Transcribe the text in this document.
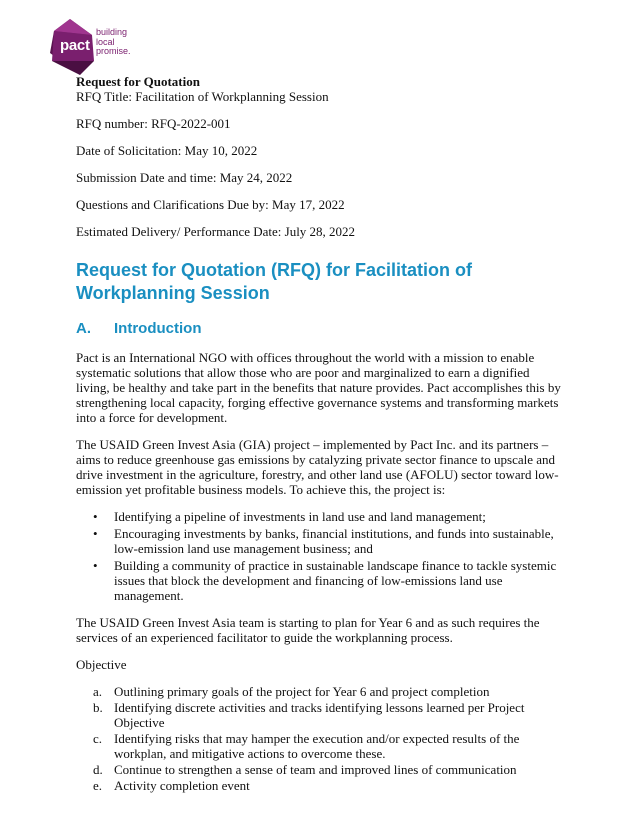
pact
building
local
promise.

Request for Quotation

RFQ Title: Facilitation of Workplanning Session

RFQ number: RFQ-2022-001

Date of Solicitation: May 10, 2022

Submission Date and time: May 24, 2022

Questions and Clarifications Due by: May 17, 2022

Estimated Delivery/ Performance Date: July 28, 2022

Request for Quotation (RFQ) for Facilitation of Workplanning Session
A. Introduction

Pact is an International NGO with offices throughout the world with a mission to enable systematic solutions that allow those who are poor and marginalized to earn a dignified living, be healthy and take part in the benefits that nature provides. Pact accomplishes this by strengthening local capacity, forging effective governance systems and transforming markets into a force for development.

The USAID Green Invest Asia (GIA) project – implemented by Pact Inc. and its partners – aims to reduce greenhouse gas emissions by catalyzing private sector finance to upscale and drive investment in the agriculture, forestry, and other land use (AFOLU) sector toward low-emission yet profitable business models. To achieve this, the project is:

• Identifying a pipeline of investments in land use and land management;
• Encouraging investments by banks, financial institutions, and funds into sustainable, low-emission land use management business; and
• Building a community of practice in sustainable landscape finance to tackle systemic issues that block the development and financing of low-emissions land use management.

The USAID Green Invest Asia team is starting to plan for Year 6 and as such requires the services of an experienced facilitator to guide the workplanning process.

Objective

a. Outlining primary goals of the project for Year 6 and project completion
b. Identifying discrete activities and tracks identifying lessons learned per Project Objective
c. Identifying risks that may hamper the execution and/or expected results of the workplan, and mitigative actions to overcome these.
d. Continue to strengthen a sense of team and improved lines of communication
e. Activity completion event
